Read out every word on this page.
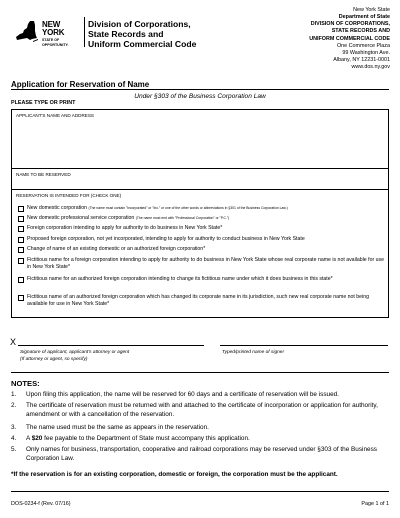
NEW YORK
STATE OF
OPPORTUNITY.
Division of Corporations,
State Records and
Uniform Commercial Code
New York State
Department of State
DIVISION OF CORPORATIONS,
STATE RECORDS AND
UNIFORM COMMERCIAL CODE
One Commerce Plaza
99 Washington Ave.
Albany, NY 12231-0001
www.dos.ny.gov
Application for Reservation of Name
Under §303 of the Business Corporation Law
PLEASE TYPE OR PRINT
APPLICANT'S NAME AND ADDRESS
NAME TO BE RESERVED
RESERVATION IS INTENDED FOR (CHECK ONE)
New domestic corporation (The name must contain "Incorporated" or "Inc." or one of the other words or abbreviations in §301 of the Business Corporation Law.)
New domestic professional service corporation (The name must end with "Professional Corporation" or "P.C.")
Foreign corporation intending to apply for authority to do business in New York State*
Proposed foreign corporation, not yet incorporated, intending to apply for authority to conduct business in New York State
Change of name of an existing domestic or an authorized foreign corporation*
Fictitious name for a foreign corporation intending to apply for authority to do business in New York State whose real corporate name is not available for use in New York State*
Fictitious name for an authorized foreign corporation intending to change its fictitious name under which it does business in this state*
Fictitious name of an authorized foreign corporation which has changed its corporate name in its jurisdiction, such new real corporate name not being available for use in New York State*
X
Signature of applicant, applicant's attorney or agent
(If attorney or agent, so specify)
Typed/printed name of signer
NOTES:
1. Upon filing this application, the name will be reserved for 60 days and a certificate of reservation will be issued.
2. The certificate of reservation must be returned with and attached to the certificate of incorporation or application for authority, amendment or with a cancellation of the reservation.
3. The name used must be the same as appears in the reservation.
4. A $20 fee payable to the Department of State must accompany this application.
5. Only names for business, transportation, cooperative and railroad corporations may be reserved under §303 of the Business Corporation Law.
*If the reservation is for an existing corporation, domestic or foreign, the corporation must be the applicant.
DOS-0234-f (Rev. 07/16)	Page 1 of 1
